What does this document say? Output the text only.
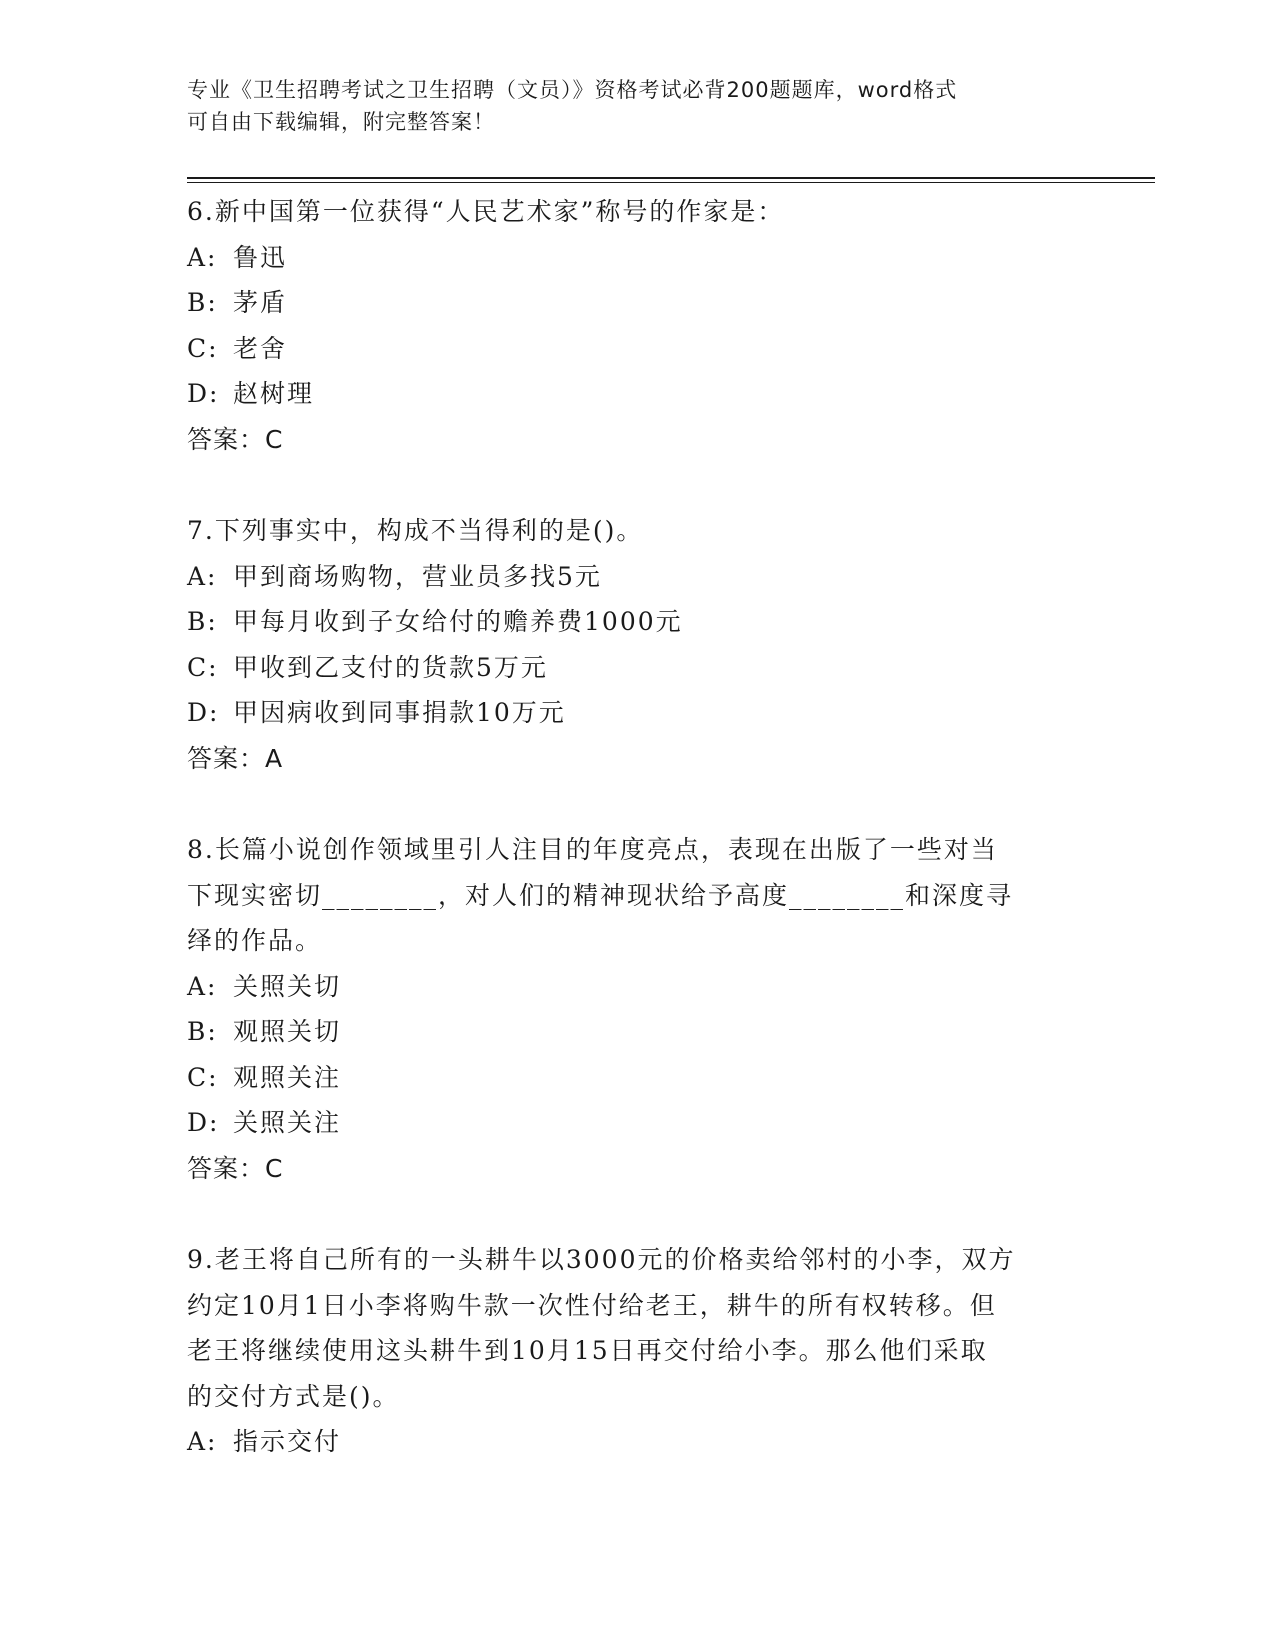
专业《卫生招聘考试之卫生招聘（文员）》资格考试必背200题题库，word格式
可自由下载编辑，附完整答案！
6.新中国第一位获得“人民艺术家”称号的作家是：
A: 鲁迅
B: 茅盾
C: 老舍
D: 赵树理
答案：C
7.下列事实中，构成不当得利的是()。
A: 甲到商场购物，营业员多找5元
B: 甲每月收到子女给付的赡养费1000元
C: 甲收到乙支付的货款5万元
D: 甲因病收到同事捐款10万元
答案：A
8.长篇小说创作领域里引人注目的年度亮点，表现在出版了一些对当
下现实密切________，对人们的精神现状给予高度________和深度寻
绎的作品。
A: 关照关切
B: 观照关切
C: 观照关注
D: 关照关注
答案：C
9.老王将自己所有的一头耕牛以3000元的价格卖给邻村的小李，双方
约定10月1日小李将购牛款一次性付给老王，耕牛的所有权转移。但
老王将继续使用这头耕牛到10月15日再交付给小李。那么他们采取
的交付方式是()。
A: 指示交付
